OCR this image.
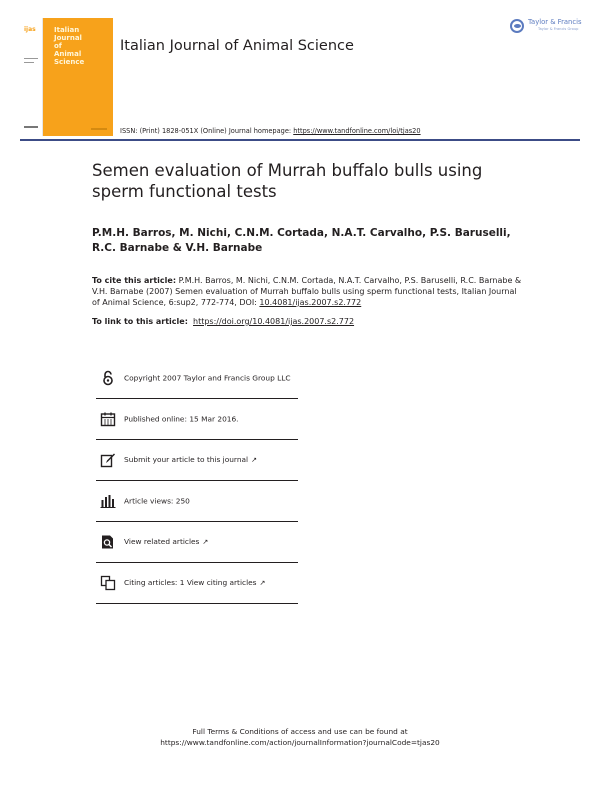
ijas	Italian
Journal
of
Animal
Science
Italian Journal of Animal Science
ISSN: (Print) 1828-051X (Online) Journal homepage: https://www.tandfonline.com/loi/tjas20
Taylor & Francis
Taylor & Francis Group
Semen evaluation of Murrah buffalo bulls using sperm functional tests
P.M.H. Barros, M. Nichi, C.N.M. Cortada, N.A.T. Carvalho, P.S. Baruselli, R.C. Barnabe & V.H. Barnabe
To cite this article: P.M.H. Barros, M. Nichi, C.N.M. Cortada, N.A.T. Carvalho, P.S. Baruselli, R.C. Barnabe & V.H. Barnabe (2007) Semen evaluation of Murrah buffalo bulls using sperm functional tests, Italian Journal of Animal Science, 6:sup2, 772-774, DOI: 10.4081/ijas.2007.s2.772
To link to this article: https://doi.org/10.4081/ijas.2007.s2.772
Copyright 2007 Taylor and Francis Group LLC
Published online: 15 Mar 2016.
Submit your article to this journal ↗
Article views: 250
View related articles ↗
Citing articles: 1 View citing articles ↗
Full Terms & Conditions of access and use can be found at
https://www.tandfonline.com/action/journalInformation?journalCode=tjas20
